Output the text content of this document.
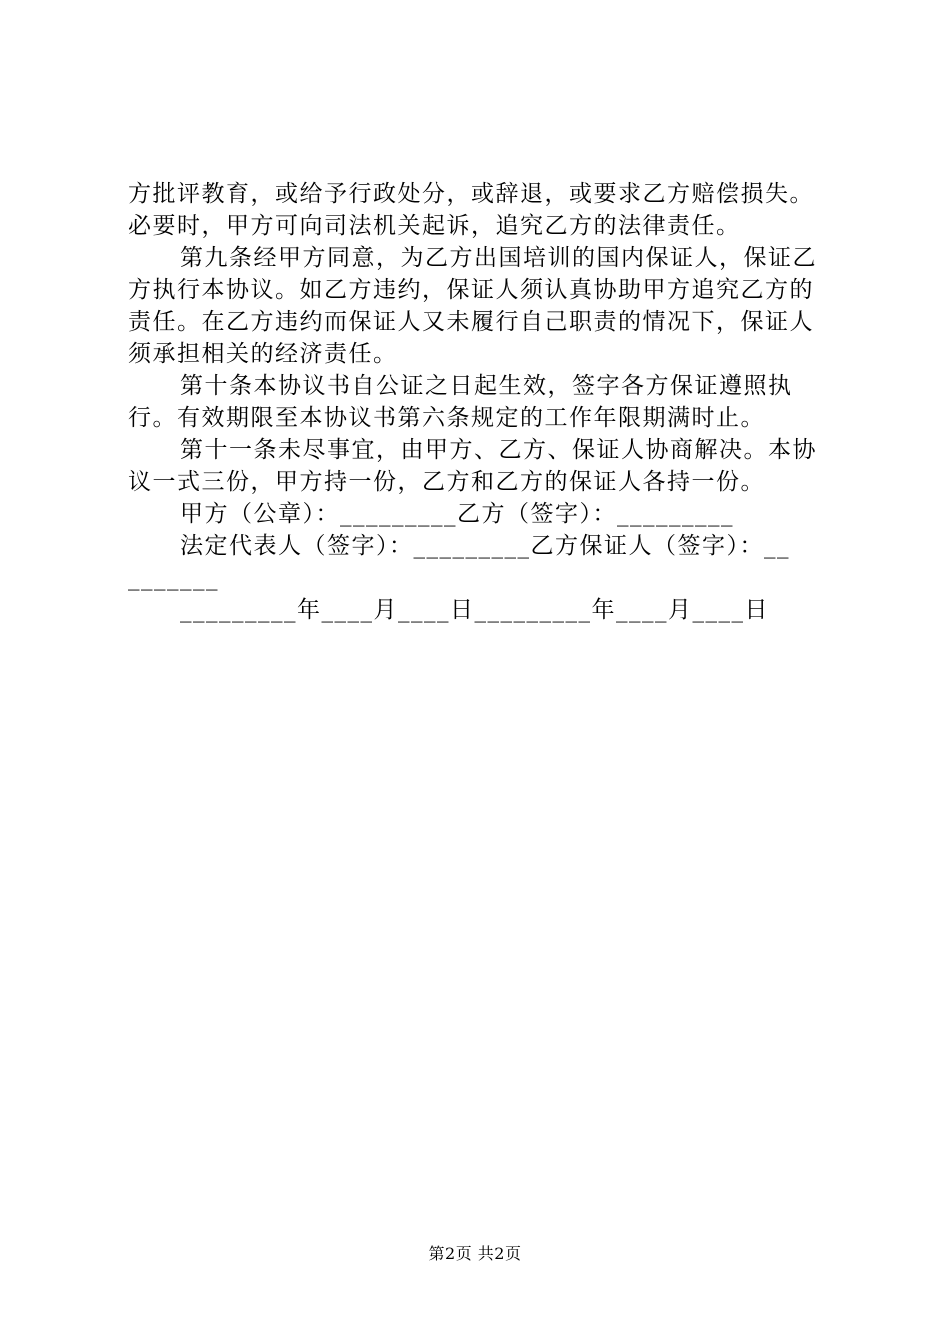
方批评教育，或给予行政处分，或辞退，或要求乙方赔偿损失。必要时，甲方可向司法机关起诉，追究乙方的法律责任。

第九条经甲方同意，为乙方出国培训的国内保证人，保证乙方执行本协议。如乙方违约，保证人须认真协助甲方追究乙方的责任。在乙方违约而保证人又未履行自己职责的情况下，保证人须承担相关的经济责任。

第十条本协议书自公证之日起生效，签字各方保证遵照执行。有效期限至本协议书第六条规定的工作年限期满时止。

第十一条未尽事宜，由甲方、乙方、保证人协商解决。本协议一式三份，甲方持一份，乙方和乙方的保证人各持一份。

甲方（公章）：_________乙方（签字）：_________

法定代表人（签字）：_________乙方保证人（签字）：__

_______

_________年____月____日_________年____月____日

第2页 共2页
